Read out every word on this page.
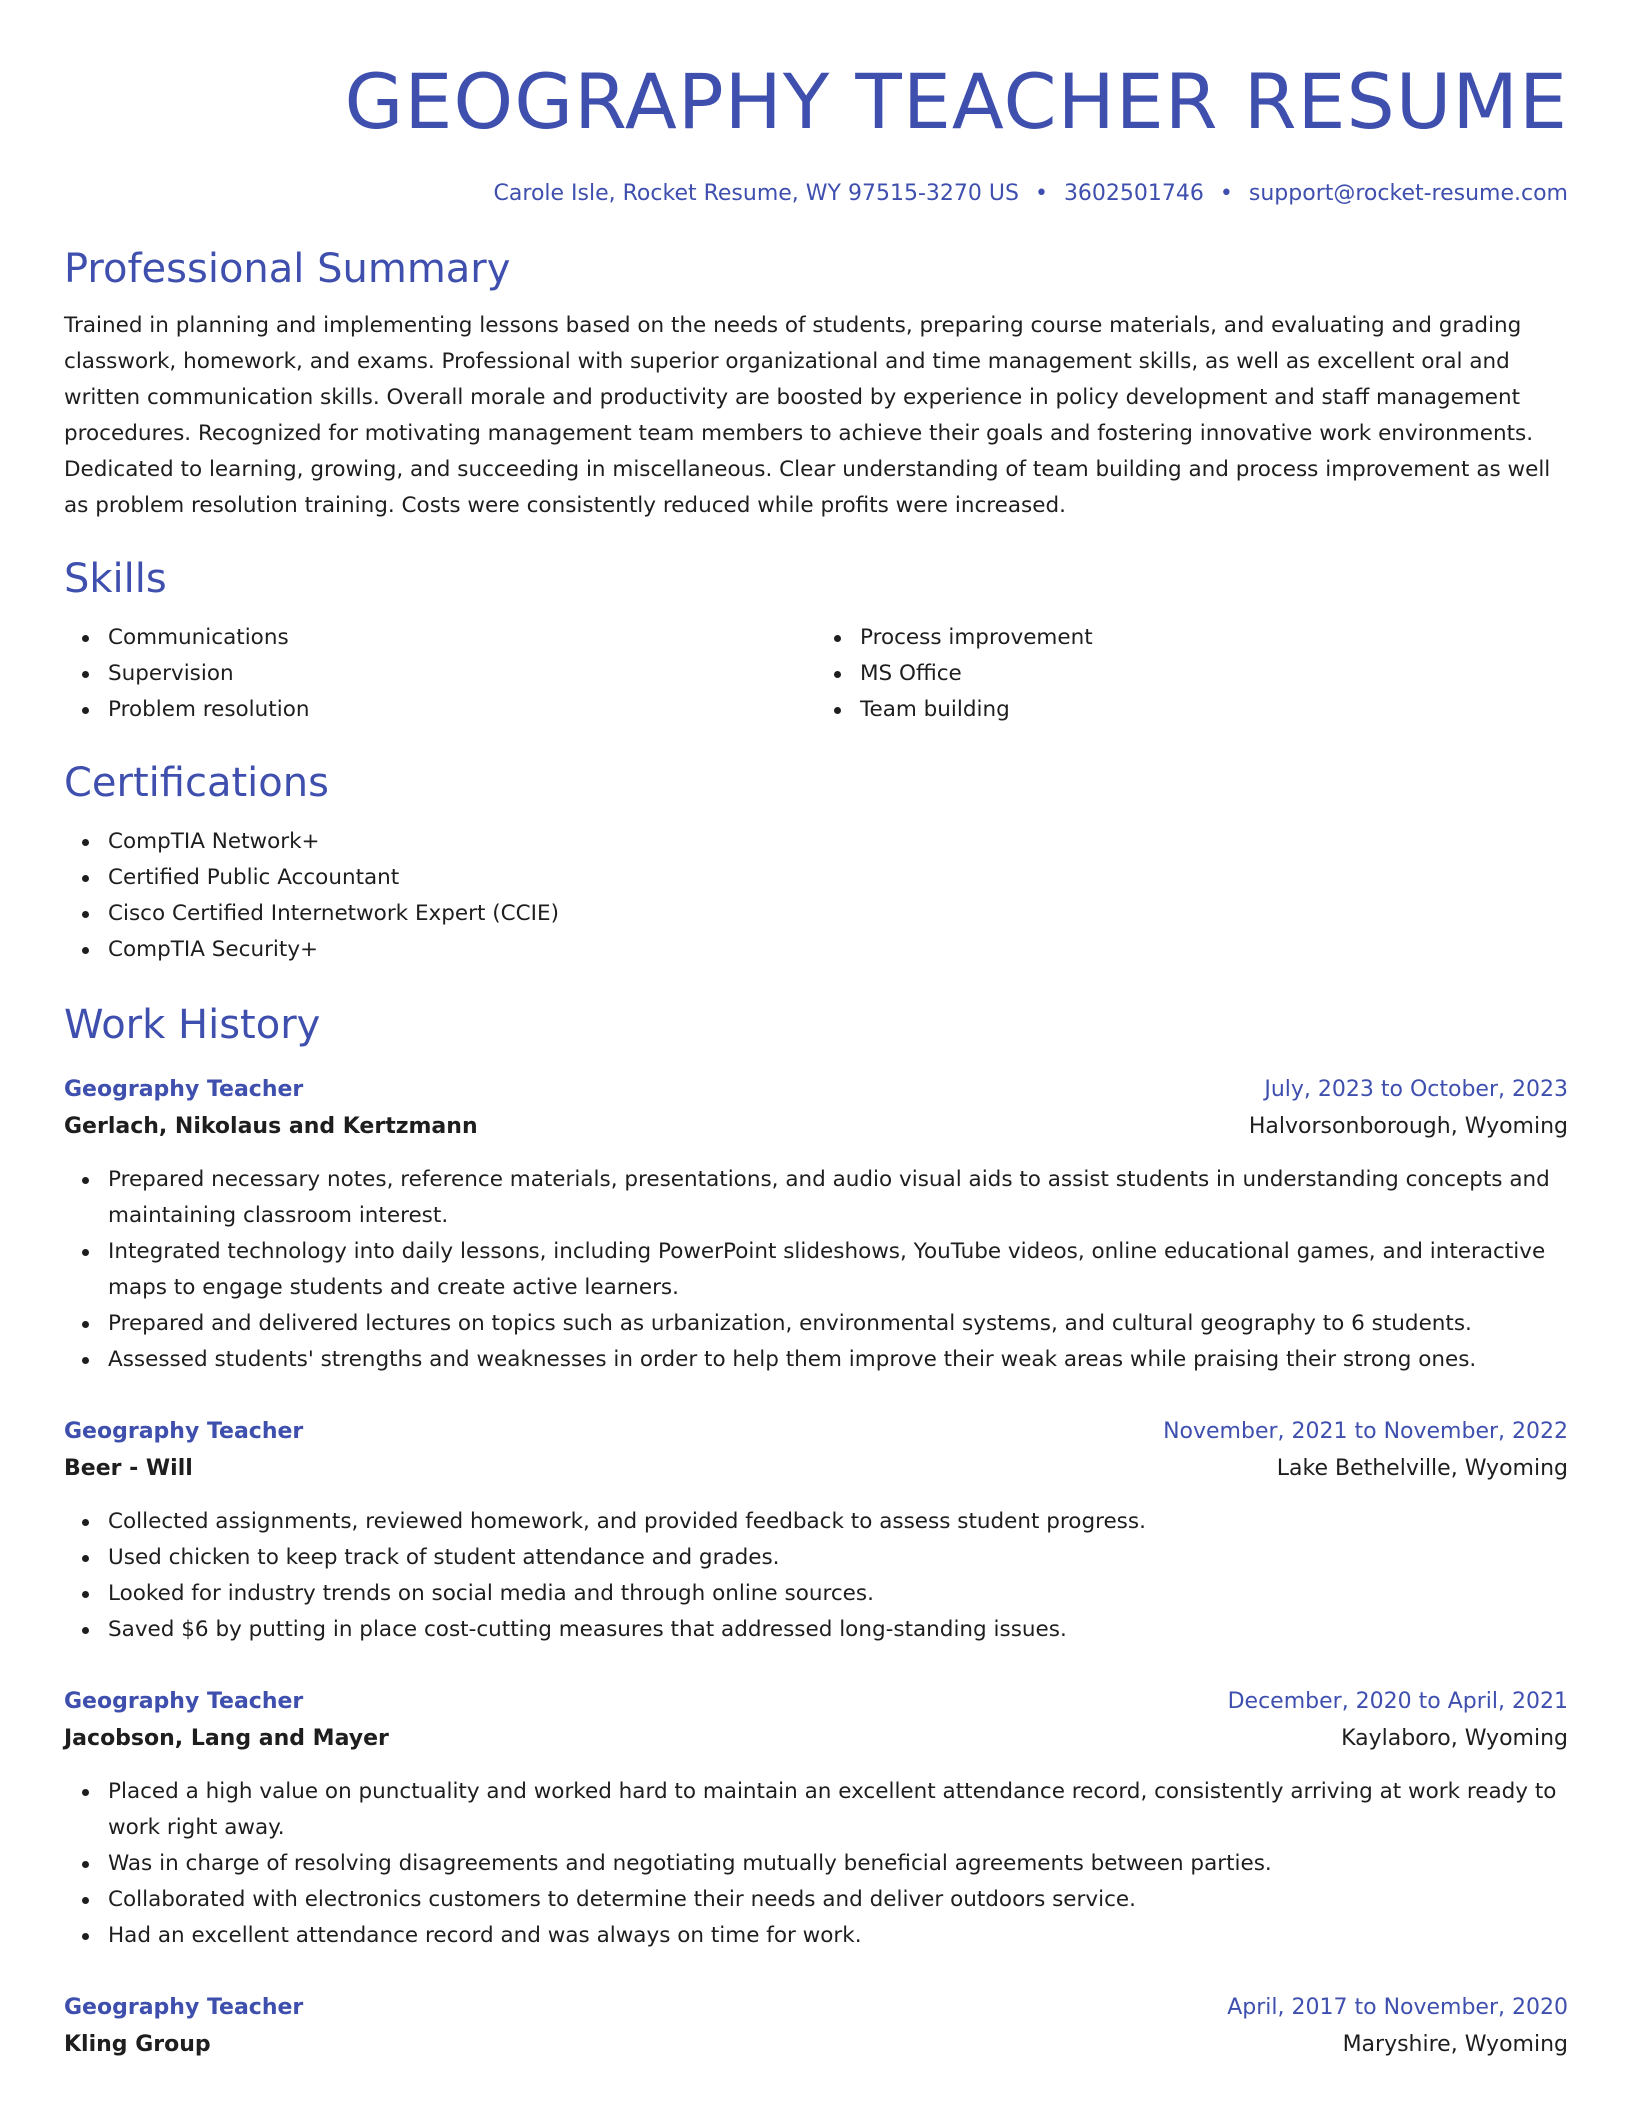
GEOGRAPHY TEACHER RESUME
Carole Isle, Rocket Resume, WY 97515-3270 US • 3602501746 • support@rocket-resume.com
Professional Summary
Trained in planning and implementing lessons based on the needs of students, preparing course materials, and evaluating and grading classwork, homework, and exams. Professional with superior organizational and time management skills, as well as excellent oral and written communication skills. Overall morale and productivity are boosted by experience in policy development and staff management procedures. Recognized for motivating management team members to achieve their goals and fostering innovative work environments. Dedicated to learning, growing, and succeeding in miscellaneous. Clear understanding of team building and process improvement as well as problem resolution training. Costs were consistently reduced while profits were increased.
Skills
Communications
Supervision
Problem resolution
Process improvement
MS Office
Team building
Certifications
CompTIA Network+
Certified Public Accountant
Cisco Certified Internetwork Expert (CCIE)
CompTIA Security+
Work History
Geography Teacher	July, 2023 to October, 2023
Gerlach, Nikolaus and Kertzmann	Halvorsonborough, Wyoming
Prepared necessary notes, reference materials, presentations, and audio visual aids to assist students in understanding concepts and maintaining classroom interest.
Integrated technology into daily lessons, including PowerPoint slideshows, YouTube videos, online educational games, and interactive maps to engage students and create active learners.
Prepared and delivered lectures on topics such as urbanization, environmental systems, and cultural geography to 6 students.
Assessed students' strengths and weaknesses in order to help them improve their weak areas while praising their strong ones.
Geography Teacher	November, 2021 to November, 2022
Beer - Will	Lake Bethelville, Wyoming
Collected assignments, reviewed homework, and provided feedback to assess student progress.
Used chicken to keep track of student attendance and grades.
Looked for industry trends on social media and through online sources.
Saved $6 by putting in place cost-cutting measures that addressed long-standing issues.
Geography Teacher	December, 2020 to April, 2021
Jacobson, Lang and Mayer	Kaylaboro, Wyoming
Placed a high value on punctuality and worked hard to maintain an excellent attendance record, consistently arriving at work ready to work right away.
Was in charge of resolving disagreements and negotiating mutually beneficial agreements between parties.
Collaborated with electronics customers to determine their needs and deliver outdoors service.
Had an excellent attendance record and was always on time for work.
Geography Teacher	April, 2017 to November, 2020
Kling Group	Maryshire, Wyoming
